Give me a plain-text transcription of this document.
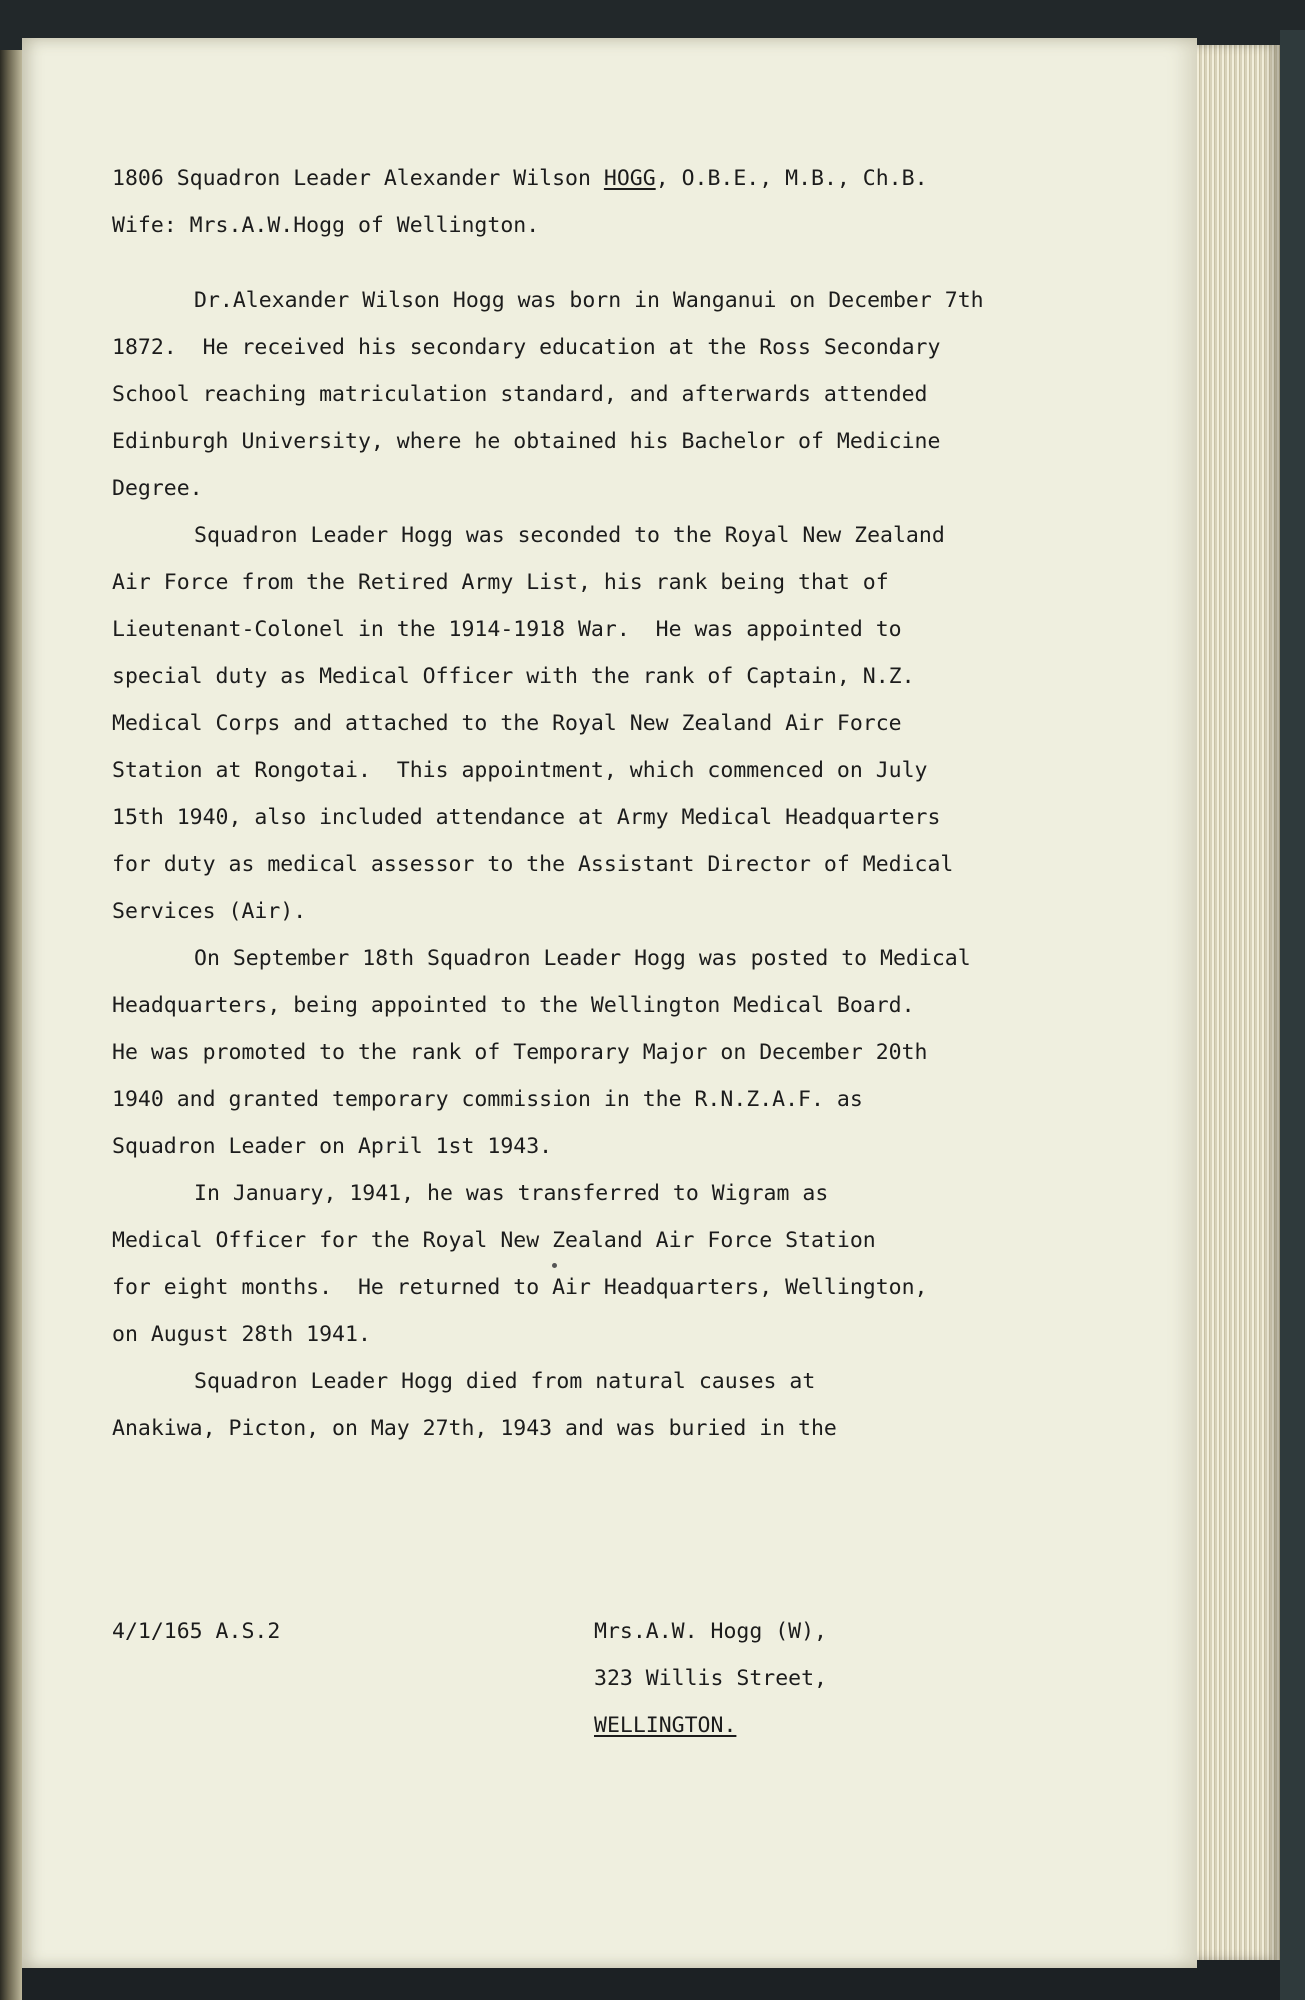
1806 Squadron Leader Alexander Wilson HOGG, O.B.E., M.B., Ch.B.
Wife: Mrs.A.W.Hogg of Wellington.
Dr.Alexander Wilson Hogg was born in Wanganui on December 7th
1872.  He received his secondary education at the Ross Secondary
School reaching matriculation standard, and afterwards attended
Edinburgh University, where he obtained his Bachelor of Medicine
Degree.
Squadron Leader Hogg was seconded to the Royal New Zealand
Air Force from the Retired Army List, his rank being that of
Lieutenant-Colonel in the 1914-1918 War.  He was appointed to
special duty as Medical Officer with the rank of Captain, N.Z.
Medical Corps and attached to the Royal New Zealand Air Force
Station at Rongotai.  This appointment, which commenced on July
15th 1940, also included attendance at Army Medical Headquarters
for duty as medical assessor to the Assistant Director of Medical
Services (Air).
On September 18th Squadron Leader Hogg was posted to Medical
Headquarters, being appointed to the Wellington Medical Board.
He was promoted to the rank of Temporary Major on December 20th
1940 and granted temporary commission in the R.N.Z.A.F. as
Squadron Leader on April 1st 1943.
In January, 1941, he was transferred to Wigram as
Medical Officer for the Royal New Zealand Air Force Station
for eight months.  He returned to Air Headquarters, Wellington,
on August 28th 1941.
Squadron Leader Hogg died from natural causes at
Anakiwa, Picton, on May 27th, 1943 and was buried in the
4/1/165 A.S.2	Mrs.A.W. Hogg (W),
323 Willis Street,
WELLINGTON.
